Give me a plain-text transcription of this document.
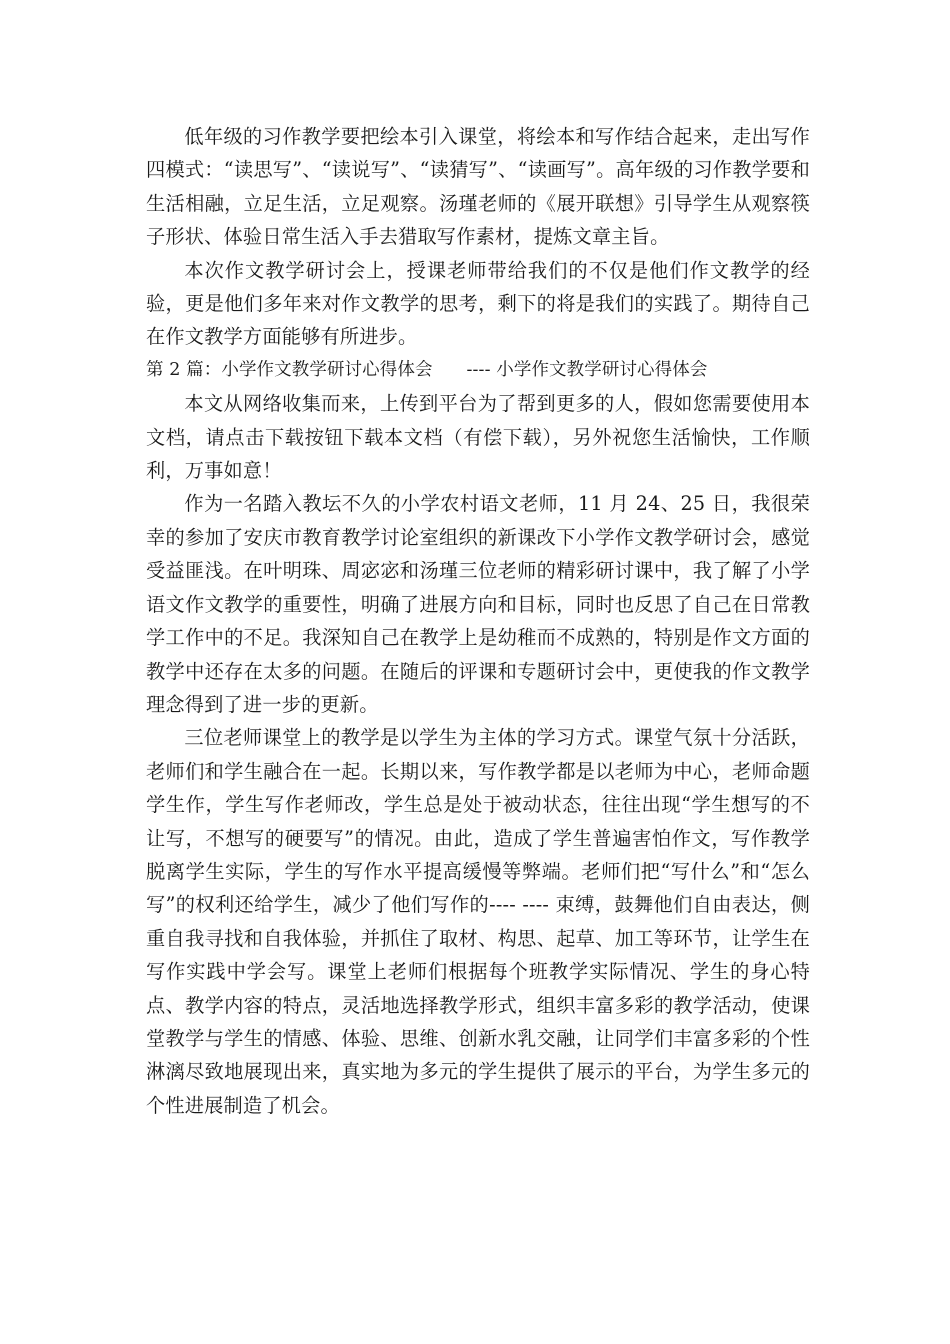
低年级的习作教学要把绘本引入课堂，将绘本和写作结合起来，走出写作四模式：“读思写”、“读说写”、“读猜写”、“读画写”。高年级的习作教学要和生活相融，立足生活，立足观察。汤瑾老师的《展开联想》引导学生从观察筷子形状、体验日常生活入手去猎取写作素材，提炼文章主旨。

本次作文教学研讨会上，授课老师带给我们的不仅是他们作文教学的经验，更是他们多年来对作文教学的思考，剩下的将是我们的实践了。期待自己在作文教学方面能够有所进步。

第 2 篇：小学作文教学研讨心得体会      ---- 小学作文教学研讨心得体会

本文从网络收集而来，上传到平台为了帮到更多的人，假如您需要使用本文档，请点击下载按钮下载本文档（有偿下载），另外祝您生活愉快，工作顺利，万事如意！

作为一名踏入教坛不久的小学农村语文老师，11 月 24、25 日，我很荣幸的参加了安庆市教育教学讨论室组织的新课改下小学作文教学研讨会，感觉受益匪浅。在叶明珠、周宓宓和汤瑾三位老师的精彩研讨课中，我了解了小学语文作文教学的重要性，明确了进展方向和目标，同时也反思了自己在日常教学工作中的不足。我深知自己在教学上是幼稚而不成熟的，特别是作文方面的教学中还存在太多的问题。在随后的评课和专题研讨会中，更使我的作文教学理念得到了进一步的更新。

三位老师课堂上的教学是以学生为主体的学习方式。课堂气氛十分活跃，老师们和学生融合在一起。长期以来，写作教学都是以老师为中心，老师命题学生作，学生写作老师改，学生总是处于被动状态，往往出现“学生想写的不让写，不想写的硬要写”的情况。由此，造成了学生普遍害怕作文，写作教学脱离学生实际，学生的写作水平提高缓慢等弊端。老师们把“写什么”和“怎么写”的权利还给学生，减少了他们写作的---- ---- 束缚，鼓舞他们自由表达，侧重自我寻找和自我体验，并抓住了取材、构思、起草、加工等环节，让学生在写作实践中学会写。课堂上老师们根据每个班教学实际情况、学生的身心特点、教学内容的特点，灵活地选择教学形式，组织丰富多彩的教学活动，使课堂教学与学生的情感、体验、思维、创新水乳交融，让同学们丰富多彩的个性淋漓尽致地展现出来，真实地为多元的学生提供了展示的平台，为学生多元的个性进展制造了机会。
